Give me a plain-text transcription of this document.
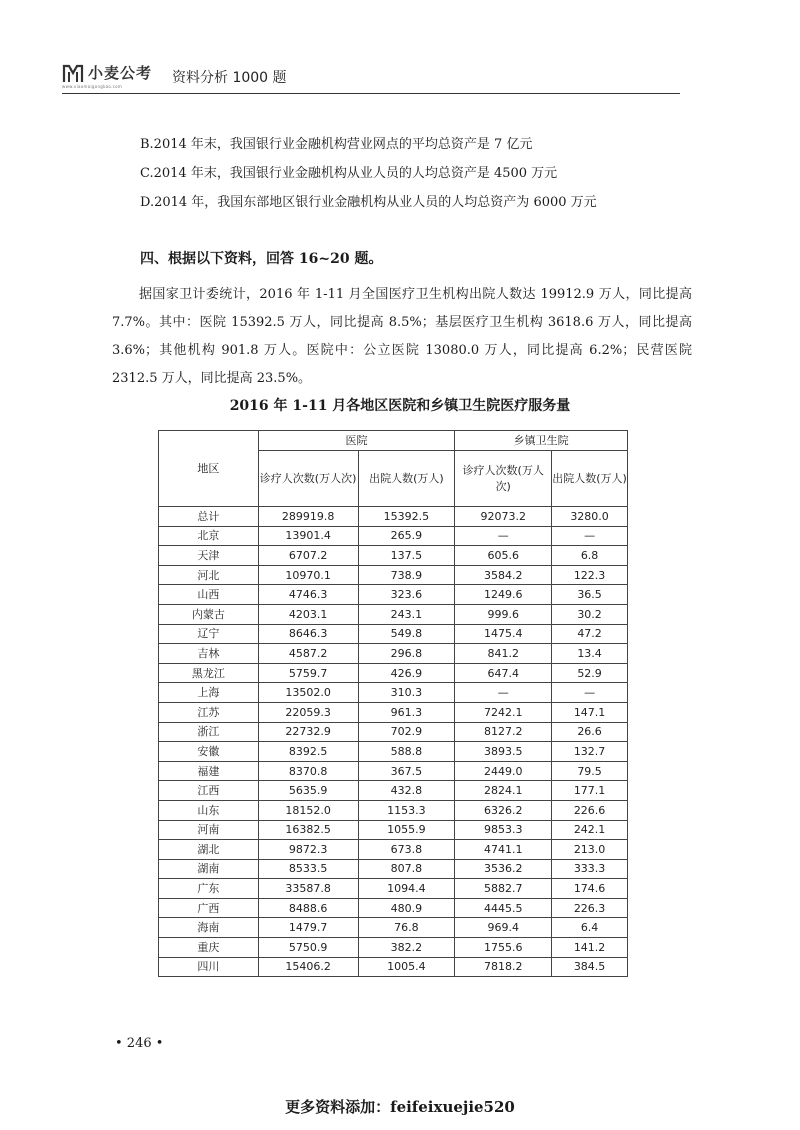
小麦公考
www.xiaomaigongkao.com
资料分析 1000 题
B.2014 年末，我国银行业金融机构营业网点的平均总资产是 7 亿元
C.2014 年末，我国银行业金融机构从业人员的人均总资产是 4500 万元
D.2014 年，我国东部地区银行业金融机构从业人员的人均总资产为 6000 万元
四、根据以下资料，回答 16~20 题。
据国家卫计委统计，2016 年 1-11 月全国医疗卫生机构出院人数达 19912.9 万人，同比提高 7.7%。其中：医院 15392.5 万人，同比提高 8.5%；基层医疗卫生机构 3618.6 万人，同比提高 3.6%；其他机构 901.8 万人。医院中：公立医院 13080.0 万人，同比提高 6.2%；民营医院 2312.5 万人，同比提高 23.5%。
2016 年 1-11 月各地区医院和乡镇卫生院医疗服务量
地区	医院		乡镇卫生院	
	诊疗人次数(万人次)	出院人数(万人)	诊疗人次数(万人次)	出院人数(万人)
总计	289919.8	15392.5	92073.2	3280.0
北京	13901.4	265.9	—	—
天津	6707.2	137.5	605.6	6.8
河北	10970.1	738.9	3584.2	122.3
山西	4746.3	323.6	1249.6	36.5
内蒙古	4203.1	243.1	999.6	30.2
辽宁	8646.3	549.8	1475.4	47.2
吉林	4587.2	296.8	841.2	13.4
黑龙江	5759.7	426.9	647.4	52.9
上海	13502.0	310.3	—	—
江苏	22059.3	961.3	7242.1	147.1
浙江	22732.9	702.9	8127.2	26.6
安徽	8392.5	588.8	3893.5	132.7
福建	8370.8	367.5	2449.0	79.5
江西	5635.9	432.8	2824.1	177.1
山东	18152.0	1153.3	6326.2	226.6
河南	16382.5	1055.9	9853.3	242.1
湖北	9872.3	673.8	4741.1	213.0
湖南	8533.5	807.8	3536.2	333.3
广东	33587.8	1094.4	5882.7	174.6
广西	8488.6	480.9	4445.5	226.3
海南	1479.7	76.8	969.4	6.4
重庆	5750.9	382.2	1755.6	141.2
四川	15406.2	1005.4	7818.2	384.5
• 246 •
更多资料添加：feifeixuejie520
